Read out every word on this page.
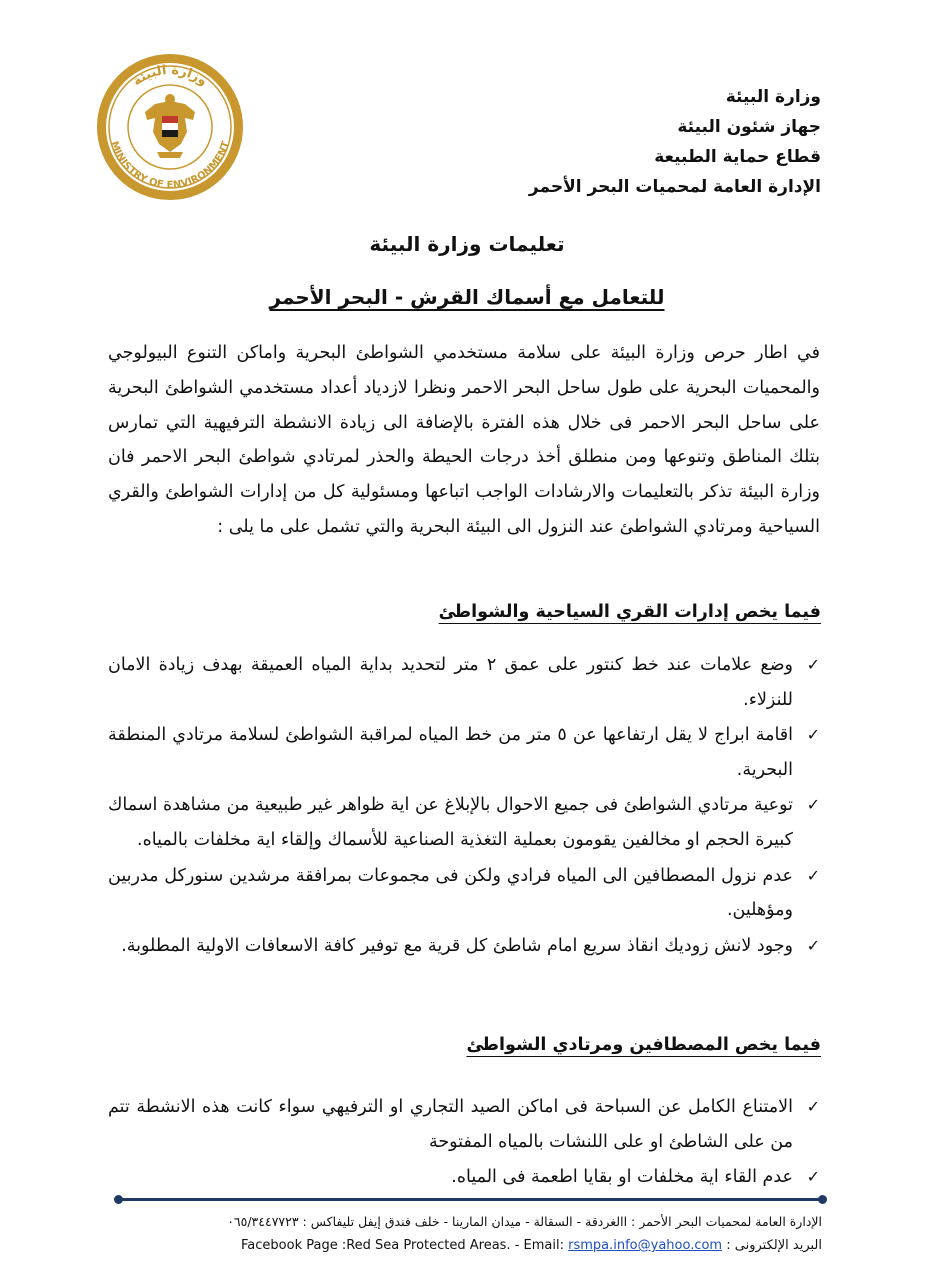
وزارة البيئة
MINISTRY OF ENVIRONMENT
وزارة البيئة
جهاز شئون البيئة
قطاع حماية الطبيعة
الإدارة العامة لمحميات البحر الأحمر
تعليمات وزارة البيئة
للتعامل مع أسماك القرش - البحر الأحمر
في اطار حرص وزارة البيئة على سلامة مستخدمي الشواطئ البحرية واماكن التنوع البيولوجي والمحميات البحرية على طول ساحل البحر الاحمر ونظرا لازدياد أعداد مستخدمي الشواطئ البحرية على ساحل البحر الاحمر فى خلال هذه الفترة بالإضافة الى زيادة الانشطة الترفيهية التي تمارس بتلك المناطق وتنوعها ومن منطلق أخذ درجات الحيطة والحذر لمرتادي شواطئ البحر الاحمر فان وزارة البيئة تذكر بالتعليمات والارشادات الواجب اتباعها ومسئولية كل من إدارات الشواطئ والقري السياحية ومرتادي الشواطئ عند النزول الى البيئة البحرية والتي تشمل على ما يلى :
فيما يخص إدارات القري السياحية والشواطئ
✓
وضع علامات عند خط كنتور على عمق ٢ متر لتحديد بداية المياه العميقة بهدف زيادة الامان للنزلاء.
✓
اقامة ابراج لا يقل ارتفاعها عن ٥ متر من خط المياه لمراقبة الشواطئ لسلامة مرتادي المنطقة البحرية.
✓
توعية مرتادي الشواطئ فى جميع الاحوال بالإبلاغ عن اية ظواهر غير طبيعية من مشاهدة اسماك كبيرة الحجم او مخالفين يقومون بعملية التغذية الصناعية للأسماك وإلقاء اية مخلفات بالمياه.
✓
عدم نزول المصطافين الى المياه فرادي ولكن فى مجموعات بمرافقة مرشدين سنوركل مدربين ومؤهلين.
✓
وجود لانش زوديك انقاذ سريع امام شاطئ كل قرية مع توفير كافة الاسعافات الاولية المطلوبة.
فيما يخص المصطافين ومرتادي الشواطئ
✓
الامتناع الكامل عن السباحة فى اماكن الصيد التجاري او الترفيهي سواء كانت هذه الانشطة تتم من على الشاطئ او على اللنشات بالمياه المفتوحة
✓
عدم القاء اية مخلفات او بقايا اطعمة فى المياه.
الإدارة العامة لمحميات البحر الأحمر : االغردقة - السقالة - ميدان المارينا - خلف فندق إيفل تليفاكس : ٠٦٥/٣٤٤٧٧٢٣
Facebook Page :Red Sea Protected Areas. - Email: rsmpa.info@yahoo.com البريد الإلكترونى :
